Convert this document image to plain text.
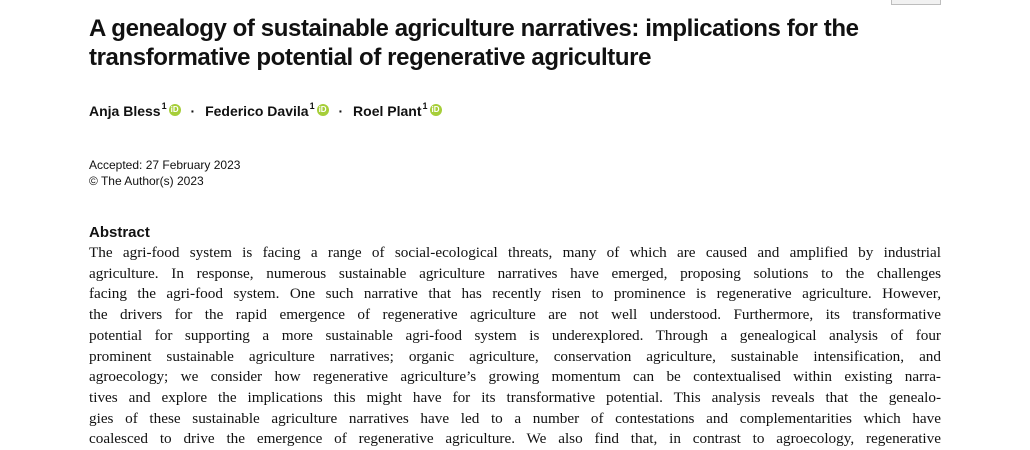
A genealogy of sustainable agriculture narratives: implications for the transformative potential of regenerative agriculture
Anja Bless$^1$ iD · Federico Davila$^1$ iD · Roel Plant$^1$ iD
Accepted: 27 February 2023
© The Author(s) 2023
Abstract
The agri-food system is facing a range of social-ecological threats, many of which are caused and amplified by industrial
agriculture. In response, numerous sustainable agriculture narratives have emerged, proposing solutions to the challenges
facing the agri-food system. One such narrative that has recently risen to prominence is regenerative agriculture. However,
the drivers for the rapid emergence of regenerative agriculture are not well understood. Furthermore, its transformative
potential for supporting a more sustainable agri-food system is underexplored. Through a genealogical analysis of four
prominent sustainable agriculture narratives; organic agriculture, conservation agriculture, sustainable intensification, and
agroecology; we consider how regenerative agriculture’s growing momentum can be contextualised within existing narra-
tives and explore the implications this might have for its transformative potential. This analysis reveals that the genealo-
gies of these sustainable agriculture narratives have led to a number of contestations and complementarities which have
coalesced to drive the emergence of regenerative agriculture. We also find that, in contrast to agroecology, regenerative
